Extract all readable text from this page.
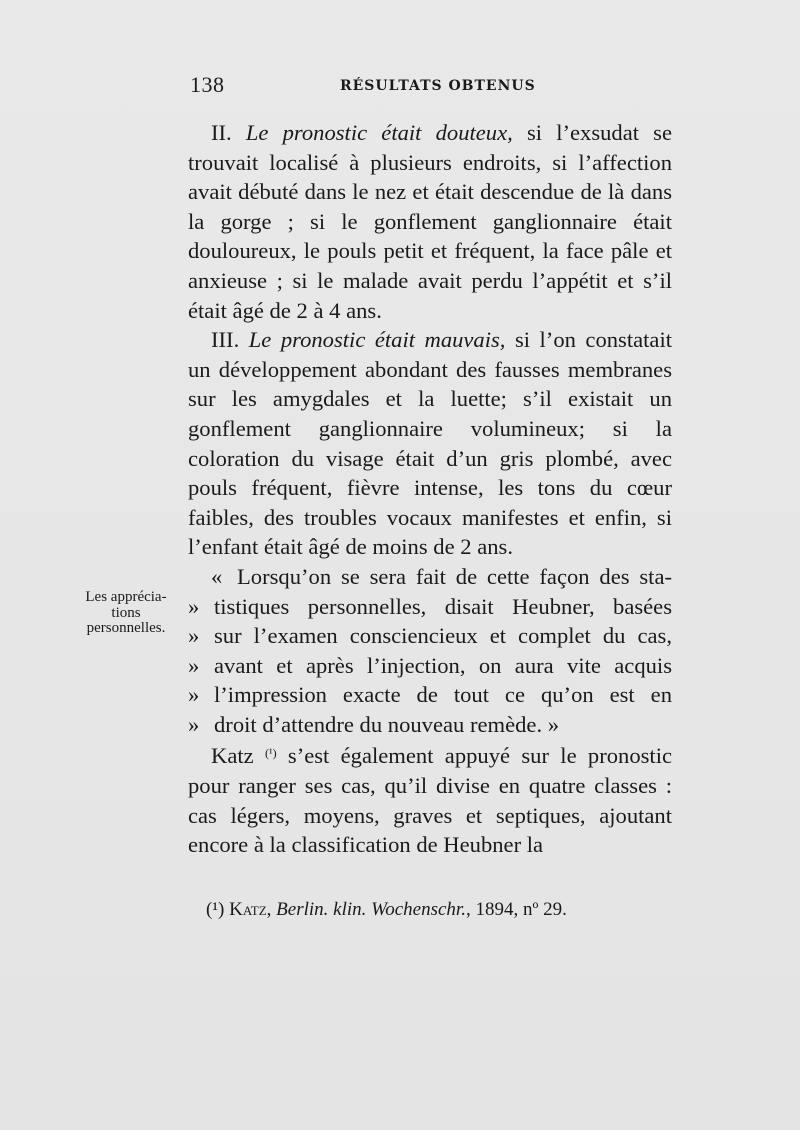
138	RÉSULTATS OBTENUS
Les apprécia-
tions
personnelles.

II. Le pronostic était douteux, si l’exsudat se trouvait localisé à plusieurs endroits, si l’affection avait débuté dans le nez et était descendue de là dans la gorge ; si le gonflement ganglionnaire était douloureux, le pouls petit et fréquent, la face pâle et anxieuse ; si le malade avait perdu l’appétit et s’il était âgé de 2 à 4 ans.

III. Le pronostic était mauvais, si l’on constatait un développement abondant des fausses membranes sur les amygdales et la luette; s’il existait un gonflement ganglionnaire volumineux; si la coloration du visage était d’un gris plombé, avec pouls fréquent, fièvre intense, les tons du cœur faibles, des troubles vocaux manifestes et enfin, si l’enfant était âgé de moins de 2 ans.

« Lorsqu’on se sera fait de cette façon des sta-
» tistiques personnelles, disait Heubner, basées
» sur l’examen consciencieux et complet du cas,
» avant et après l’injection, on aura vite acquis
» l’impression exacte de tout ce qu’on est en
» droit d’attendre du nouveau remède. »

Katz $^{(^1)}$ s’est également appuyé sur le pronostic pour ranger ses cas, qu’il divise en quatre classes : cas légers, moyens, graves et septiques, ajoutant encore à la classification de Heubner la

(¹) Katz, Berlin. klin. Wochenschr., 1894, nº 29.
